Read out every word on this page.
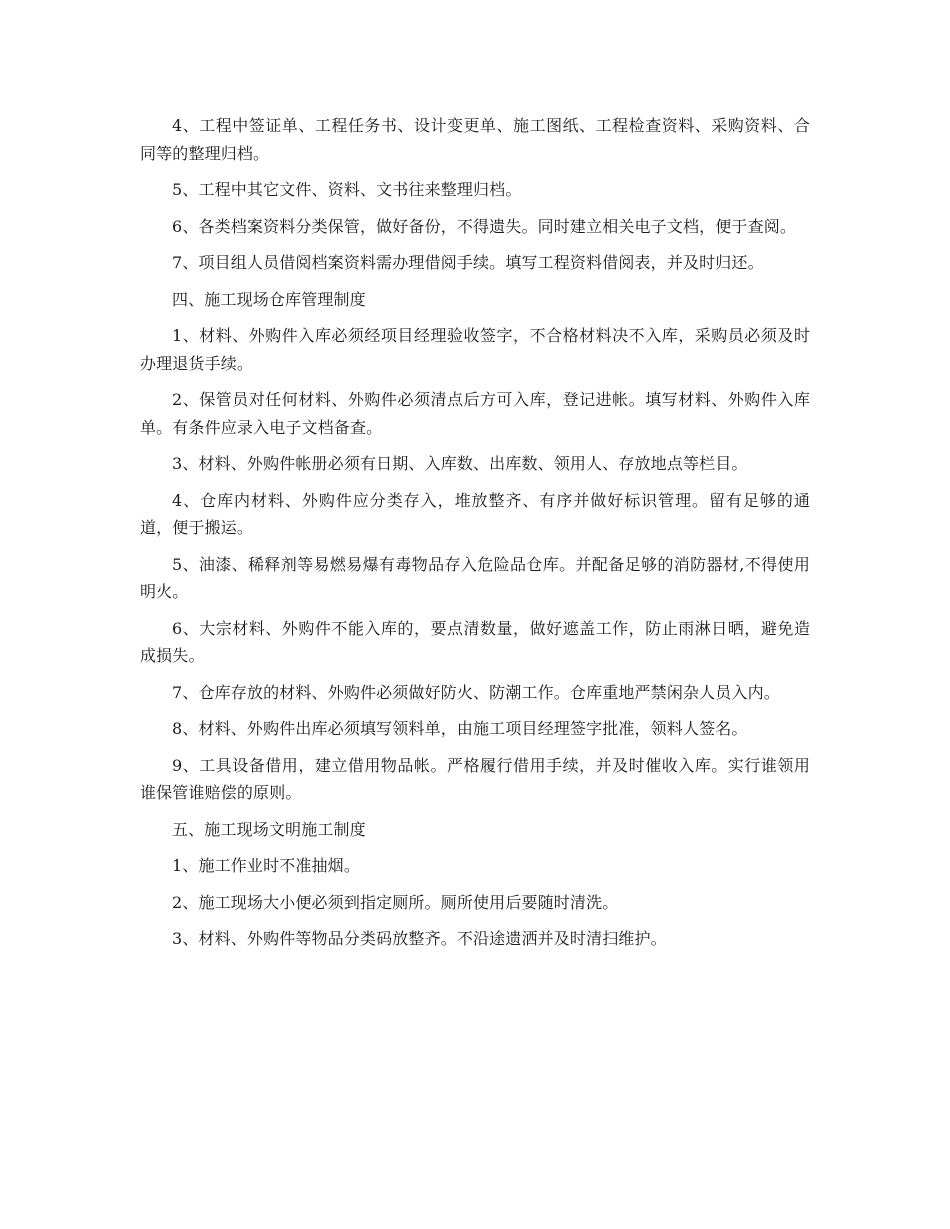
4、工程中签证单、工程任务书、设计变更单、施工图纸、工程检查资料、采购资料、合同等的整理归档。

5、工程中其它文件、资料、文书往来整理归档。

6、各类档案资料分类保管，做好备份，不得遗失。同时建立相关电子文档，便于查阅。

7、项目组人员借阅档案资料需办理借阅手续。填写工程资料借阅表，并及时归还。

四、施工现场仓库管理制度

1、材料、外购件入库必须经项目经理验收签字，不合格材料决不入库，采购员必须及时办理退货手续。

2、保管员对任何材料、外购件必须清点后方可入库，登记进帐。填写材料、外购件入库单。有条件应录入电子文档备查。

3、材料、外购件帐册必须有日期、入库数、出库数、领用人、存放地点等栏目。

4、仓库内材料、外购件应分类存入，堆放整齐、有序并做好标识管理。留有足够的通道，便于搬运。

5、油漆、稀释剂等易燃易爆有毒物品存入危险品仓库。并配备足够的消防器材,不得使用明火。

6、大宗材料、外购件不能入库的，要点清数量，做好遮盖工作，防止雨淋日晒，避免造成损失。

7、仓库存放的材料、外购件必须做好防火、防潮工作。仓库重地严禁闲杂人员入内。

8、材料、外购件出库必须填写领料单，由施工项目经理签字批准，领料人签名。

9、工具设备借用，建立借用物品帐。严格履行借用手续，并及时催收入库。实行谁领用谁保管谁赔偿的原则。

五、施工现场文明施工制度

1、施工作业时不准抽烟。

2、施工现场大小便必须到指定厕所。厕所使用后要随时清洗。

3、材料、外购件等物品分类码放整齐。不沿途遗洒并及时清扫维护。
